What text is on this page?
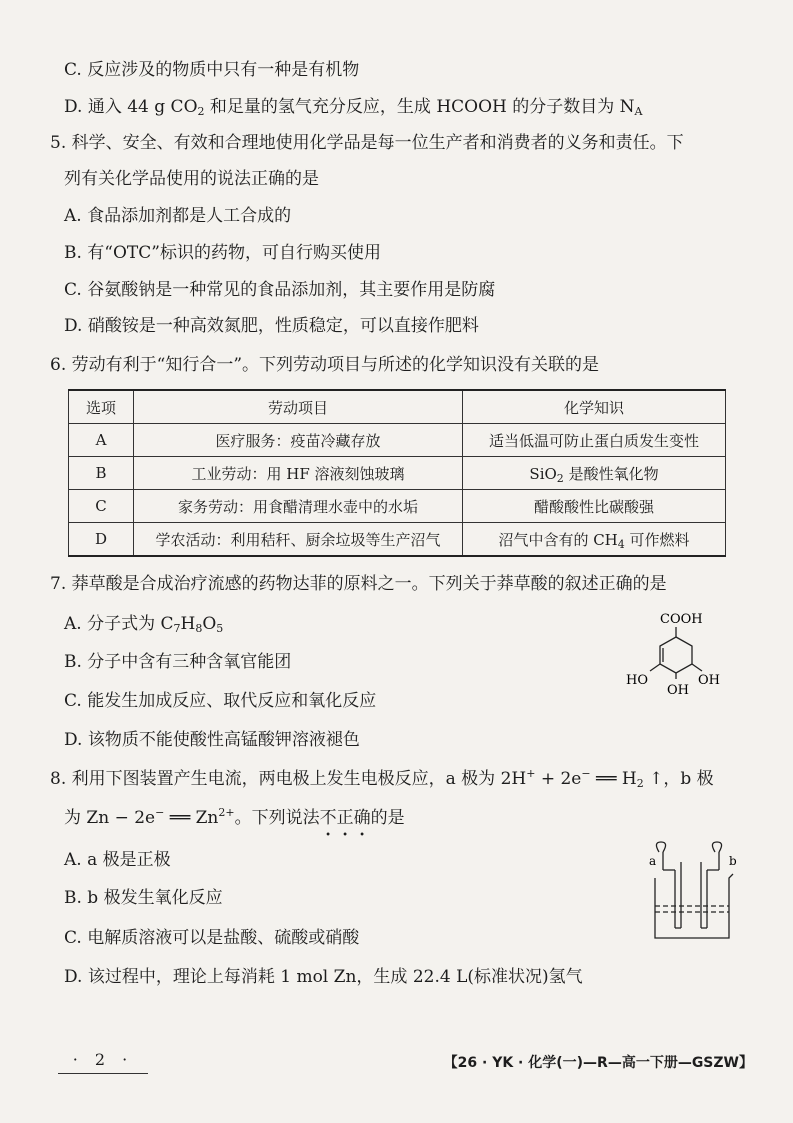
C. 反应涉及的物质中只有一种是有机物
D. 通入 44 g $CO_2$ 和足量的氢气充分反应，生成 HCOOH 的分子数目为 $N_A$
5. 科学、安全、有效和合理地使用化学品是每一位生产者和消费者的义务和责任。下
列有关化学品使用的说法正确的是
A. 食品添加剂都是人工合成的
B. 有“OTC”标识的药物，可自行购买使用
C. 谷氨酸钠是一种常见的食品添加剂，其主要作用是防腐
D. 硝酸铵是一种高效氮肥，性质稳定，可以直接作肥料
6. 劳动有利于“知行合一”。下列劳动项目与所述的化学知识没有关联的是
选项	劳动项目	化学知识
A	医疗服务：疫苗冷藏存放	适当低温可防止蛋白质发生变性
B	工业劳动：用 HF 溶液刻蚀玻璃	SiO$_2$ 是酸性氧化物
C	家务劳动：用食醋清理水壶中的水垢	醋酸酸性比碳酸强
D	学农活动：利用秸秆、厨余垃圾等生产沼气	沼气中含有的 $CH_4$ 可作燃料
7. 莽草酸是合成治疗流感的药物达菲的原料之一。下列关于莽草酸的叙述正确的是
A. 分子式为 $C_7H_8O_5$
B. 分子中含有三种含氧官能团
C. 能发生加成反应、取代反应和氧化反应
D. 该物质不能使酸性高锰酸钾溶液褪色
COOH
HO
OH
OH
8. 利用下图装置产生电流，两电极上发生电极反应，a 极为 2H+ + 2e− ══ $H_2$ ↑，b 极
为 Zn − 2e− ══ $Zn^{2+}$。下列说法不正确的是
A. a 极是正极
B. b 极发生氧化反应
C. 电解质溶液可以是盐酸、硫酸或硝酸
D. 该过程中，理论上每消耗 1 mol Zn，生成 22.4 L(标准状况)氢气
a	b
· 2 ·	【26 · YK · 化学(一)—R—高一下册—GSZW】
